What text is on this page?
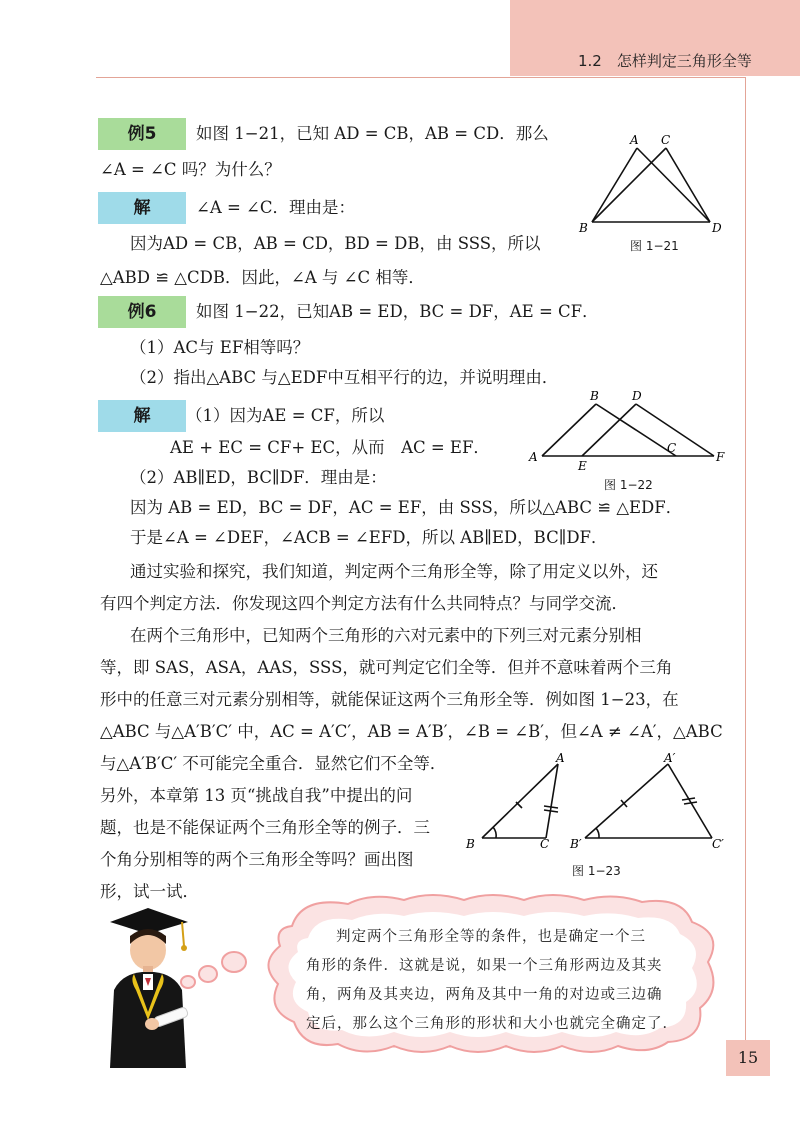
1.2　怎样判定三角形全等
例5	如图 1−21，已知 AD = CB，AB = CD．那么
∠A = ∠C 吗？为什么？
解	∠A = ∠C．理由是：
因为AD = CB，AB = CD，BD = DB，由 SSS，所以
△ABD ≌ △CDB．因此，∠A 与 ∠C 相等．
A C
B	D
图 1−21
例6	如图 1−22，已知AB = ED，BC = DF，AE = CF．
（1）AC与 EF相等吗？
（2）指出△ABC 与△EDF中互相平行的边，并说明理由．
解	（1）因为AE = CF，所以
AE + EC = CF+ EC，从而　AC = EF．
（2）AB∥ED，BC∥DF．理由是：
因为 AB = ED，BC = DF，AC = EF，由 SSS，所以△ABC ≌ △EDF．
于是∠A = ∠DEF，∠ACB = ∠EFD，所以 AB∥ED，BC∥DF．
B	D
A
E
C
F
图 1−22
通过实验和探究，我们知道，判定两个三角形全等，除了用定义以外，还
有四个判定方法．你发现这四个判定方法有什么共同特点？与同学交流．
在两个三角形中，已知两个三角形的六对元素中的下列三对元素分别相
等，即 SAS，ASA，AAS，SSS，就可判定它们全等．但并不意味着两个三角
形中的任意三对元素分别相等，就能保证这两个三角形全等．例如图 1−23，在
△ABC 与△A′B′C′ 中，AC = A′C′，AB = A′B′，∠B = ∠B′，但∠A ≠ ∠A′，△ABC
与△A′B′C′ 不可能完全重合．显然它们不全等．
另外，本章第 13 页“挑战自我”中提出的问
题，也是不能保证两个三角形全等的例子．三
个角分别相等的两个三角形全等吗？画出图
形，试一试．
A
B	C
A′
B′	C′
图 1−23
判定两个三角形全等的条件，也是确定一个三
角形的条件．这就是说，如果一个三角形两边及其夹
角，两角及其夹边，两角及其中一角的对边或三边确
定后，那么这个三角形的形状和大小也就完全确定了．
15
